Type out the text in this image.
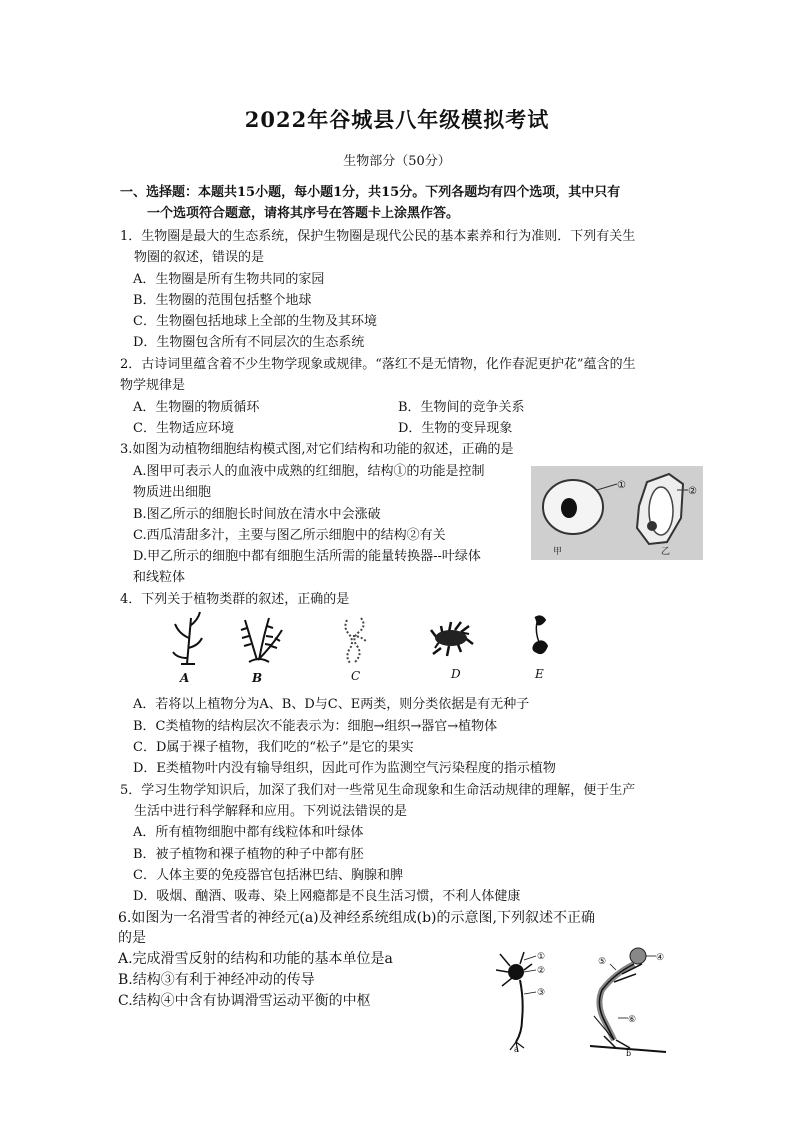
2022年谷城县八年级模拟考试
生物部分（50分）
一、选择题：本题共15小题，每小题1分，共15分。下列各题均有四个选项，其中只有
一个选项符合题意，请将其序号在答题卡上涂黑作答。
1．生物圈是最大的生态系统，保护生物圈是现代公民的基本素养和行为准则．下列有关生
物圈的叙述，错误的是
A．生物圈是所有生物共同的家园
B．生物圈的范围包括整个地球
C．生物圈包括地球上全部的生物及其环境
D．生物圈包含所有不同层次的生态系统
2．古诗词里蕴含着不少生物学现象或规律。“落红不是无情物，化作春泥更护花”蕴含的生
物学规律是
A．生物圈的物质循环	B．生物间的竞争关系
C．生物适应环境	D．生物的变异现象
3.如图为动植物细胞结构模式图,对它们结构和功能的叙述，正确的是
A.图甲可表示人的血液中成熟的红细胞，结构①的功能是控制
物质进出细胞
B.图乙所示的细胞长时间放在清水中会涨破
C.西瓜清甜多汁，主要与图乙所示细胞中的结构②有关
D.甲乙所示的细胞中都有细胞生活所需的能量转换器--叶绿体
和线粒体
①
②
甲	乙
4．下列关于植物类群的叙述，正确的是
A	B	C	D	E
A．若将以上植物分为A、B、D与C、E两类，则分类依据是有无种子
B．C类植物的结构层次不能表示为：细胞→组织→器官→植物体
C．D属于裸子植物，我们吃的“松子”是它的果实
D．E类植物叶内没有输导组织，因此可作为监测空气污染程度的指示植物
5．学习生物学知识后，加深了我们对一些常见生命现象和生命活动规律的理解，便于生产
生活中进行科学解释和应用。下列说法错误的是
A．所有植物细胞中都有线粒体和叶绿体
B．被子植物和裸子植物的种子中都有胚
C．人体主要的免疫器官包括淋巴结、胸腺和脾
D．吸烟、酗酒、吸毒、染上网瘾都是不良生活习惯，不利人体健康
6.如图为一名滑雪者的神经元(a)及神经系统组成(b)的示意图,下列叙述不正确
的是
A.完成滑雪反射的结构和功能的基本单位是a
B.结构③有利于神经冲动的传导
C.结构④中含有协调滑雪运动平衡的中枢
①
②
③
④
⑤
⑥
a	b
